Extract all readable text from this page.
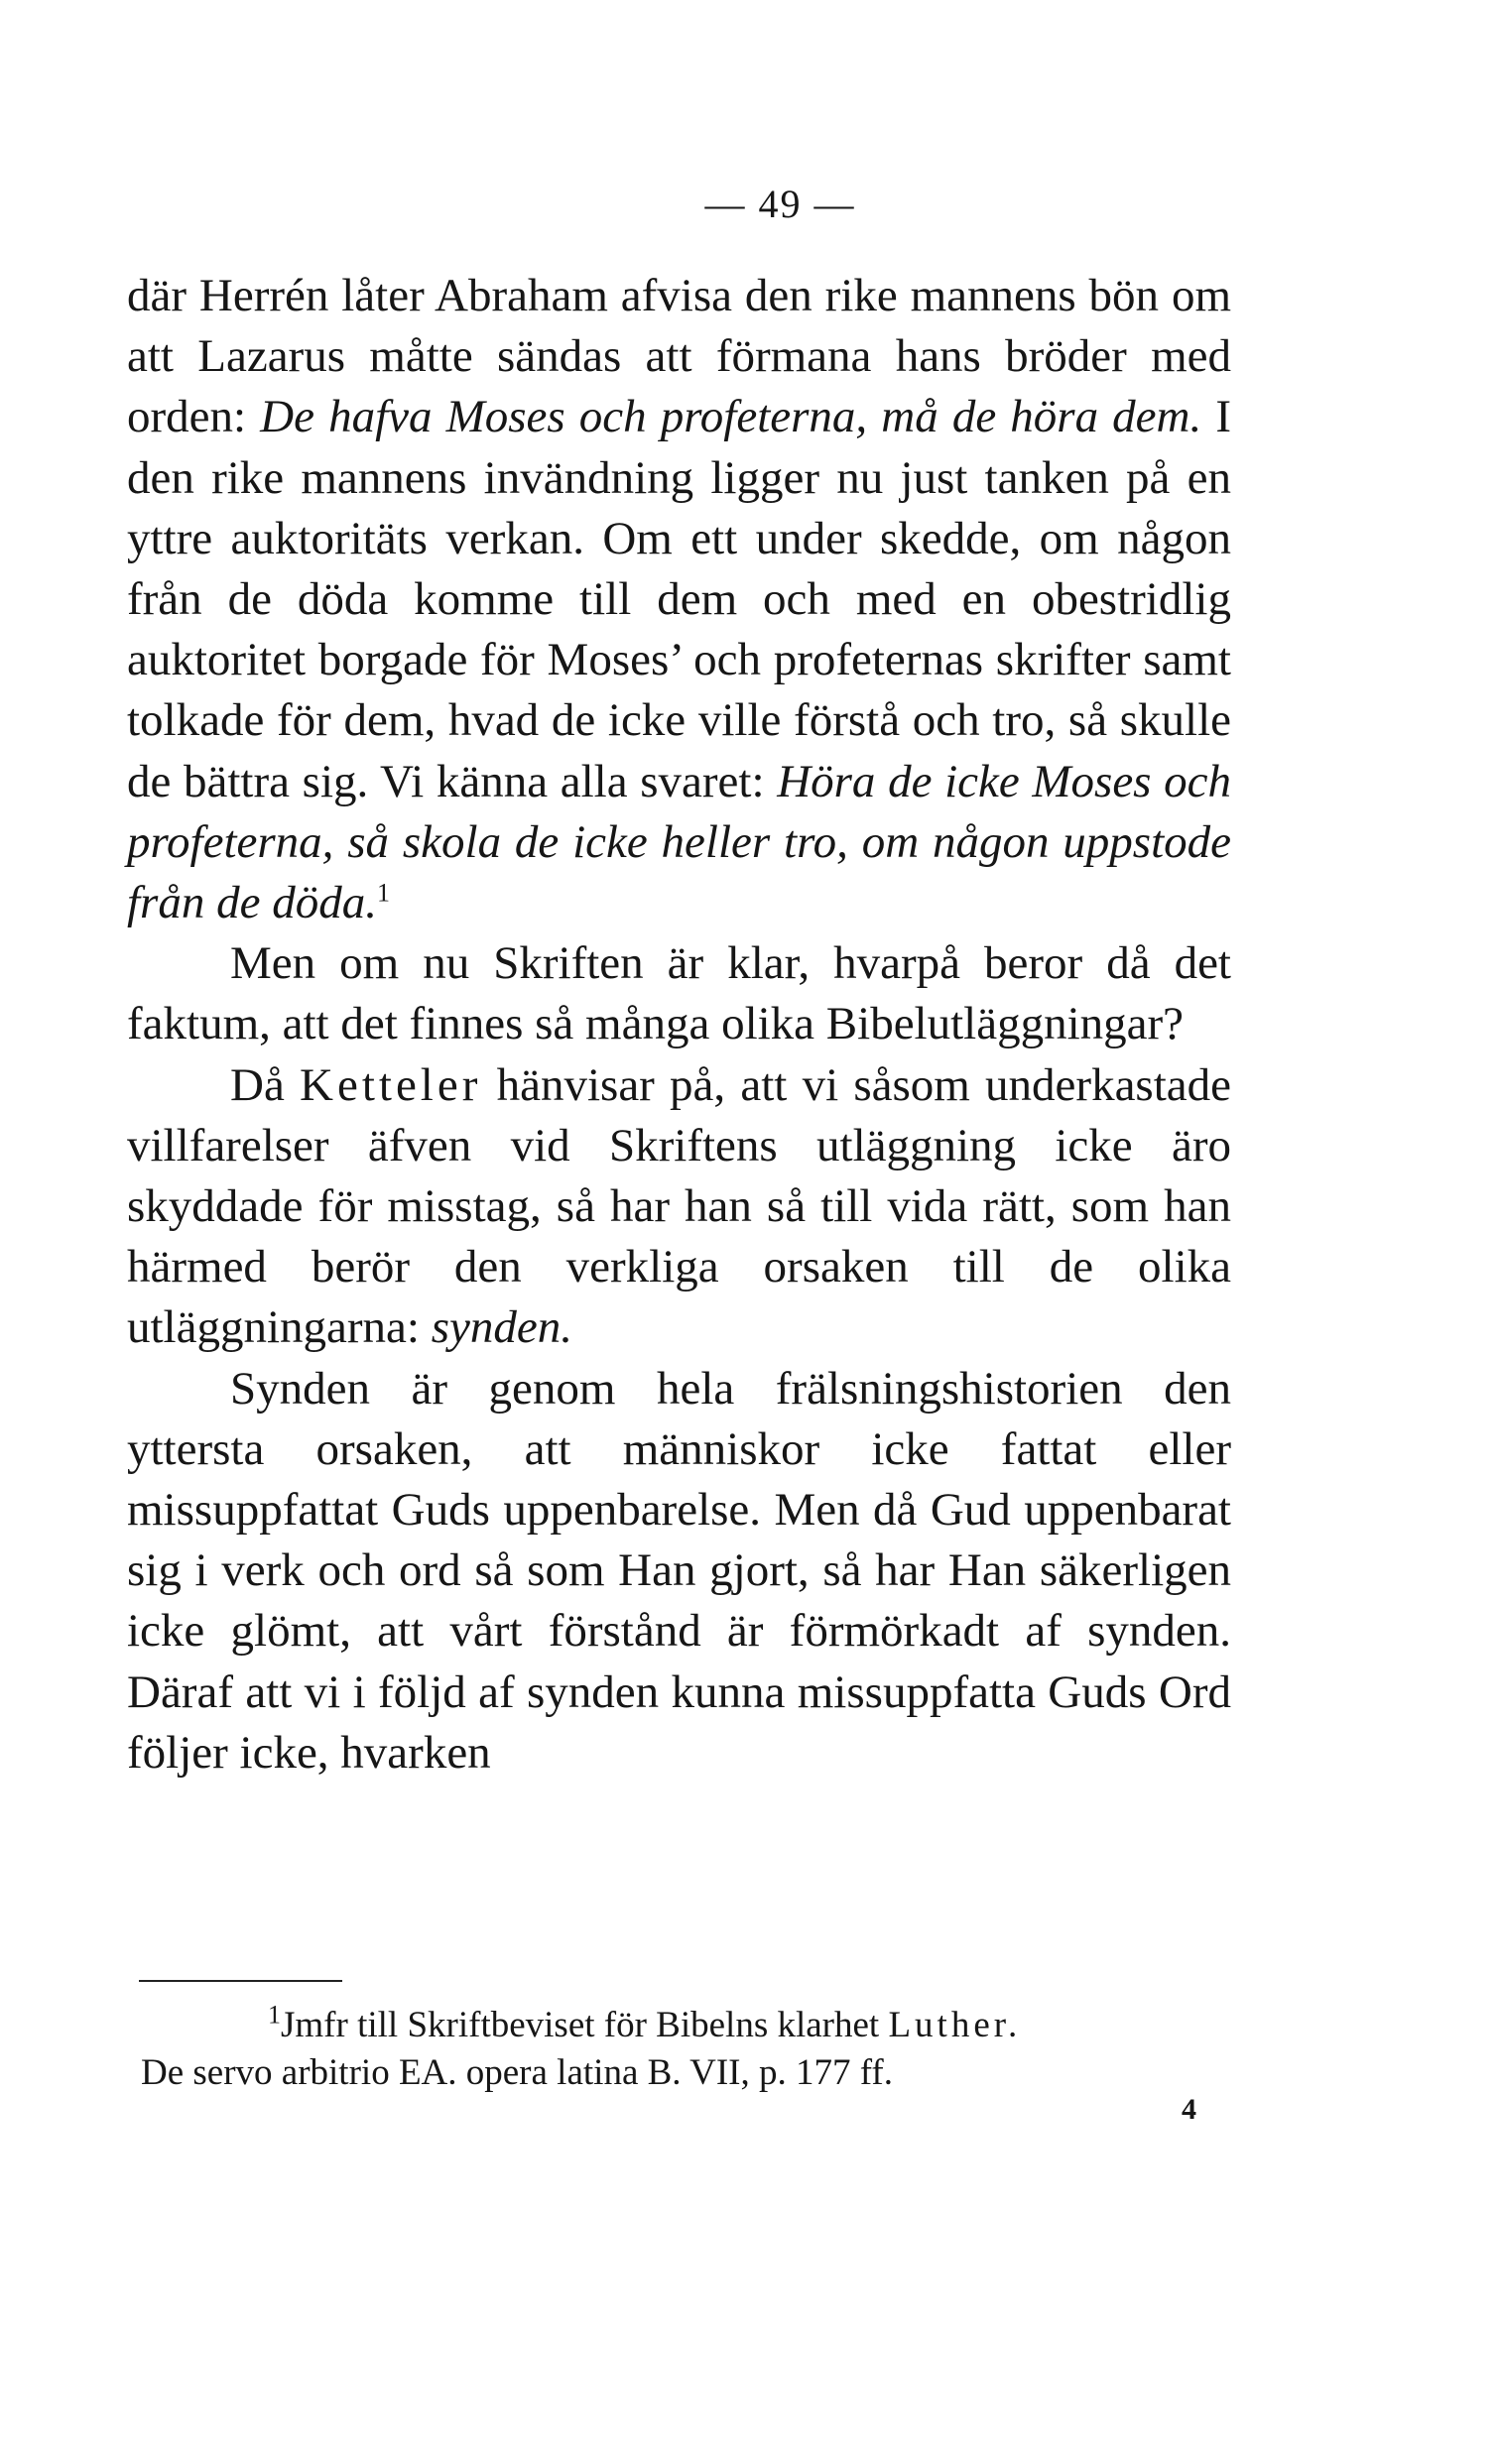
— 49 —

där Herrén låter Abraham afvisa den rike mannens bön om att Lazarus måtte sändas att förmana hans bröder med orden: De hafva Moses och profeterna, må de höra dem. I den rike mannens invändning ligger nu just tanken på en yttre auktoritäts verkan. Om ett under skedde, om någon från de döda komme till dem och med en obestridlig auktoritet borgade för Moses’ och profeternas skrifter samt tolkade för dem, hvad de icke ville förstå och tro, så skulle de bättra sig. Vi känna alla svaret: Höra de icke Moses och profeterna, så skola de icke heller tro, om någon uppstode från de döda.$^1$

Men om nu Skriften är klar, hvarpå beror då det faktum, att det finnes så många olika Bibelutläggningar?

Då Ketteler hänvisar på, att vi såsom underkastade villfarelser äfven vid Skriftens utläggning icke äro skyddade för misstag, så har han så till vida rätt, som han härmed berör den verkliga orsaken till de olika utläggningarna: synden.

Synden är genom hela frälsningshistorien den yttersta orsaken, att människor icke fattat eller missuppfattat Guds uppenbarelse. Men då Gud uppenbarat sig i verk och ord så som Han gjort, så har Han säkerligen icke glömt, att vårt förstånd är förmörkadt af synden. Däraf att vi i följd af synden kunna missuppfatta Guds Ord följer icke, hvarken

$^1$Jmfr till Skriftbeviset för Bibelns klarhet Luther.

De servo arbitrio EA. opera latina B. VII, p. 177 ff.
4
